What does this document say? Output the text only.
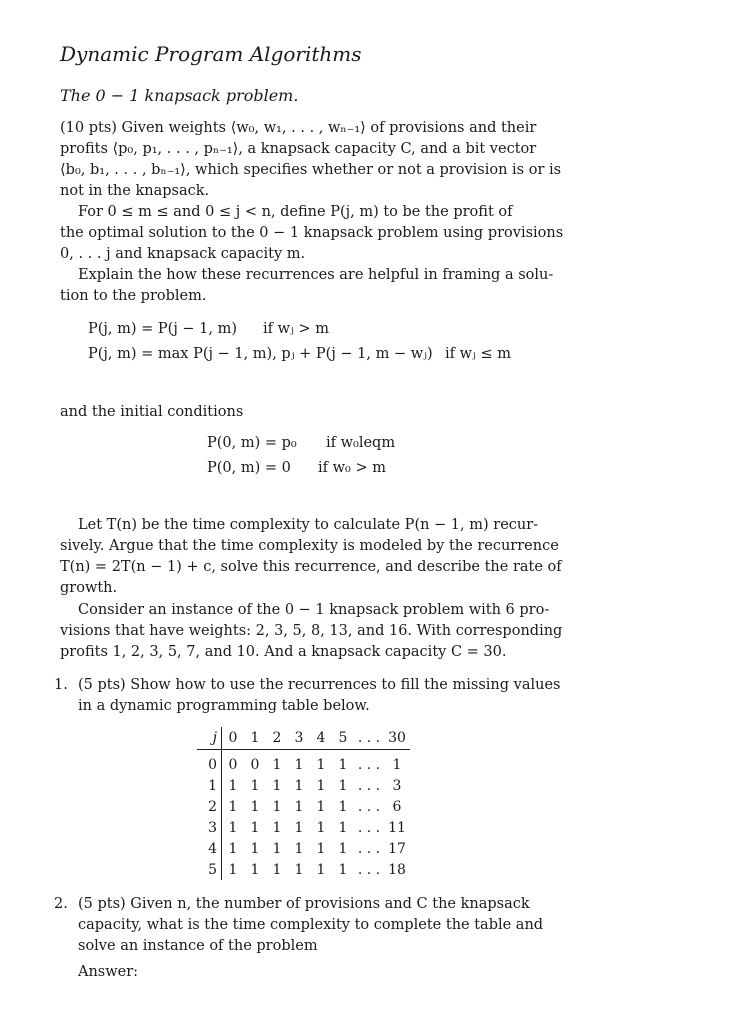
Dynamic Program Algorithms
The 0 − 1 knapsack problem.
(10 pts) Given weights ⟨w₀, w₁, . . . , wₙ₋₁⟩ of provisions and their
profits ⟨p₀, p₁, . . . , pₙ₋₁⟩, a knapsack capacity C, and a bit vector
⟨b₀, b₁, . . . , bₙ₋₁⟩, which specifies whether or not a provision is or is
not in the knapsack.
For 0 ≤ m ≤ and 0 ≤ j < n, define P(j, m) to be the profit of
the optimal solution to the 0 − 1 knapsack problem using provisions
0, . . . j and knapsack capacity m.
Explain the how these recurrences are helpful in framing a solu-
tion to the problem.
P(j, m) = P(j − 1, m) if wⱼ > m
P(j, m) = max P(j − 1, m), pⱼ + P(j − 1, m − wⱼ) if wⱼ ≤ m
and the initial conditions
P(0, m) = p₀ if w₀leqm
P(0, m) = 0 if w₀ > m
Let T(n) be the time complexity to calculate P(n − 1, m) recur-
sively. Argue that the time complexity is modeled by the recurrence
T(n) = 2T(n − 1) + c, solve this recurrence, and describe the rate of
growth.
Consider an instance of the 0 − 1 knapsack problem with 6 pro-
visions that have weights: 2, 3, 5, 8, 13, and 16. With corresponding
profits 1, 2, 3, 5, 7, and 10. And a knapsack capacity C = 30.
1. (5 pts) Show how to use the recurrences to fill the missing values
in a dynamic programming table below.
j	0	1	2	3	4	5	. . .	30
0	0	0	1	1	1	1	. . .	1
1	1	1	1	1	1	1	. . .	3
2	1	1	1	1	1	1	. . .	6
3	1	1	1	1	1	1	. . .	11
4	1	1	1	1	1	1	. . .	17
5	1	1	1	1	1	1	. . .	18
2. (5 pts) Given n, the number of provisions and C the knapsack
capacity, what is the time complexity to complete the table and
solve an instance of the problem
Answer:
